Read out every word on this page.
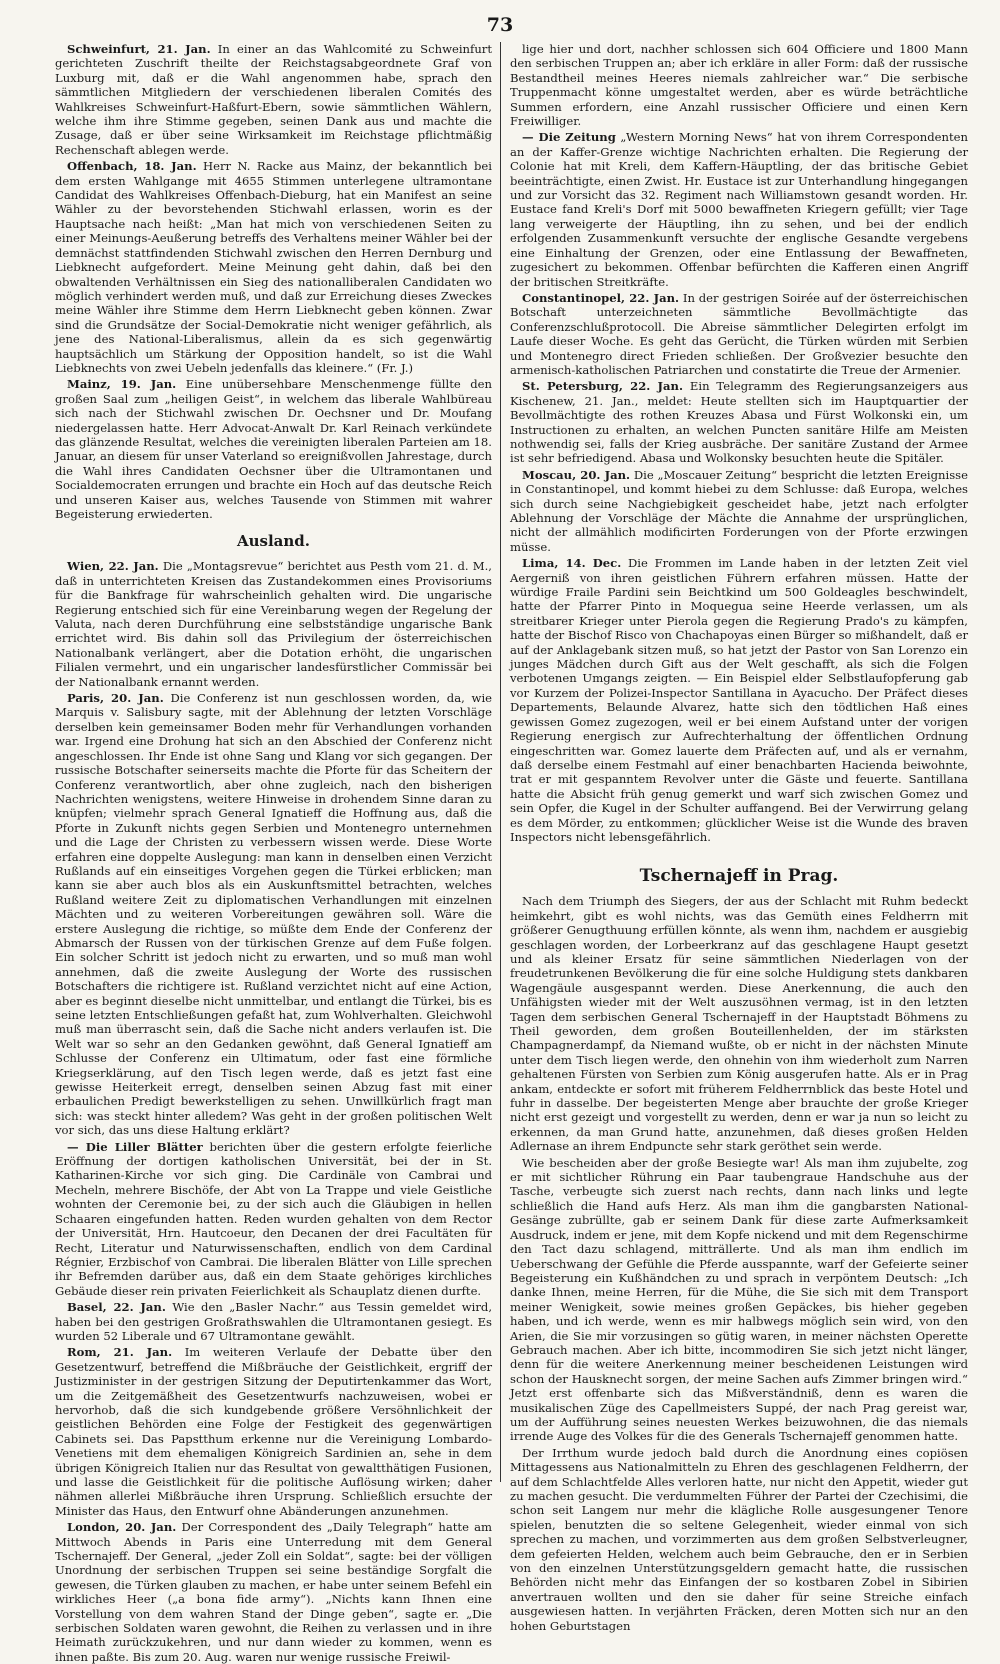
73

Schweinfurt, 21. Jan. In einer an das Wahlcomité zu Schweinfurt gerichteten Zuschrift theilte der Reichstagsabgeordnete Graf von Luxburg mit, daß er die Wahl angenommen habe, sprach den sämmtlichen Mitgliedern der verschiedenen liberalen Comités des Wahlkreises Schweinfurt-Haßfurt-Ebern, sowie sämmtlichen Wählern, welche ihm ihre Stimme gegeben, seinen Dank aus und machte die Zusage, daß er über seine Wirksamkeit im Reichstage pflichtmäßig Rechenschaft ablegen werde.

Offenbach, 18. Jan. Herr N. Racke aus Mainz, der bekanntlich bei dem ersten Wahlgange mit 4655 Stimmen unterlegene ultramontane Candidat des Wahlkreises Offenbach-Dieburg, hat ein Manifest an seine Wähler zu der bevorstehenden Stichwahl erlassen, worin es der Hauptsache nach heißt: „Man hat mich von verschiedenen Seiten zu einer Meinungs-Aeußerung betreffs des Verhaltens meiner Wähler bei der demnächst stattfindenden Stichwahl zwischen den Herren Dernburg und Liebknecht aufgefordert. Meine Meinung geht dahin, daß bei den obwaltenden Verhältnissen ein Sieg des nationalliberalen Candidaten wo möglich verhindert werden muß, und daß zur Erreichung dieses Zweckes meine Wähler ihre Stimme dem Herrn Liebknecht geben können. Zwar sind die Grundsätze der Social-Demokratie nicht weniger gefährlich, als jene des National-Liberalismus, allein da es sich gegenwärtig hauptsächlich um Stärkung der Opposition handelt, so ist die Wahl Liebknechts von zwei Uebeln jedenfalls das kleinere.“ (Fr. J.)

Mainz, 19. Jan. Eine unübersehbare Menschenmenge füllte den großen Saal zum „heiligen Geist“, in welchem das liberale Wahlbüreau sich nach der Stichwahl zwischen Dr. Oechsner und Dr. Moufang niedergelassen hatte. Herr Advocat-Anwalt Dr. Karl Reinach verkündete das glänzende Resultat, welches die vereinigten liberalen Parteien am 18. Januar, an diesem für unser Vaterland so ereignißvollen Jahrestage, durch die Wahl ihres Candidaten Oechsner über die Ultramontanen und Socialdemocraten errungen und brachte ein Hoch auf das deutsche Reich und unseren Kaiser aus, welches Tausende von Stimmen mit wahrer Begeisterung erwiederten.

Ausland.

Wien, 22. Jan. Die „Montagsrevue“ berichtet aus Pesth vom 21. d. M., daß in unterrichteten Kreisen das Zustandekommen eines Provisoriums für die Bankfrage für wahrscheinlich gehalten wird. Die ungarische Regierung entschied sich für eine Vereinbarung wegen der Regelung der Valuta, nach deren Durchführung eine selbstständige ungarische Bank errichtet wird. Bis dahin soll das Privilegium der österreichischen Nationalbank verlängert, aber die Dotation erhöht, die ungarischen Filialen vermehrt, und ein ungarischer landesfürstlicher Commissär bei der Nationalbank ernannt werden.

Paris, 20. Jan. Die Conferenz ist nun geschlossen worden, da, wie Marquis v. Salisbury sagte, mit der Ablehnung der letzten Vorschläge derselben kein gemeinsamer Boden mehr für Verhandlungen vorhanden war. Irgend eine Drohung hat sich an den Abschied der Conferenz nicht angeschlossen. Ihr Ende ist ohne Sang und Klang vor sich gegangen. Der russische Botschafter seinerseits machte die Pforte für das Scheitern der Conferenz verantwortlich, aber ohne zugleich, nach den bisherigen Nachrichten wenigstens, weitere Hinweise in drohendem Sinne daran zu knüpfen; vielmehr sprach General Ignatieff die Hoffnung aus, daß die Pforte in Zukunft nichts gegen Serbien und Montenegro unternehmen und die Lage der Christen zu verbessern wissen werde. Diese Worte erfahren eine doppelte Auslegung: man kann in denselben einen Verzicht Rußlands auf ein einseitiges Vorgehen gegen die Türkei erblicken; man kann sie aber auch blos als ein Auskunftsmittel betrachten, welches Rußland weitere Zeit zu diplomatischen Verhandlungen mit einzelnen Mächten und zu weiteren Vorbereitungen gewähren soll. Wäre die erstere Auslegung die richtige, so müßte dem Ende der Conferenz der Abmarsch der Russen von der türkischen Grenze auf dem Fuße folgen. Ein solcher Schritt ist jedoch nicht zu erwarten, und so muß man wohl annehmen, daß die zweite Auslegung der Worte des russischen Botschafters die richtigere ist. Rußland verzichtet nicht auf eine Action, aber es beginnt dieselbe nicht unmittelbar, und entlangt die Türkei, bis es seine letzten Entschließungen gefaßt hat, zum Wohlverhalten. Gleichwohl muß man überrascht sein, daß die Sache nicht anders verlaufen ist. Die Welt war so sehr an den Gedanken gewöhnt, daß General Ignatieff am Schlusse der Conferenz ein Ultimatum, oder fast eine förmliche Kriegserklärung, auf den Tisch legen werde, daß es jetzt fast eine gewisse Heiterkeit erregt, denselben seinen Abzug fast mit einer erbaulichen Predigt bewerkstelligen zu sehen. Unwillkürlich fragt man sich: was steckt hinter alledem? Was geht in der großen politischen Welt vor sich, das uns diese Haltung erklärt?

— Die Liller Blätter berichten über die gestern erfolgte feierliche Eröffnung der dortigen katholischen Universität, bei der in St. Katharinen-Kirche vor sich ging. Die Cardinäle von Cambrai und Mecheln, mehrere Bischöfe, der Abt von La Trappe und viele Geistliche wohnten der Ceremonie bei, zu der sich auch die Gläubigen in hellen Schaaren eingefunden hatten. Reden wurden gehalten von dem Rector der Universität, Hrn. Hautcoeur, den Decanen der drei Facultäten für Recht, Literatur und Naturwissenschaften, endlich von dem Cardinal Régnier, Erzbischof von Cambrai. Die liberalen Blätter von Lille sprechen ihr Befremden darüber aus, daß ein dem Staate gehöriges kirchliches Gebäude dieser rein privaten Feierlichkeit als Schauplatz dienen durfte.

Basel, 22. Jan. Wie den „Basler Nachr.“ aus Tessin gemeldet wird, haben bei den gestrigen Großrathswahlen die Ultramontanen gesiegt. Es wurden 52 Liberale und 67 Ultramontane gewählt.

Rom, 21. Jan. Im weiteren Verlaufe der Debatte über den Gesetzentwurf, betreffend die Mißbräuche der Geistlichkeit, ergriff der Justizminister in der gestrigen Sitzung der Deputirtenkammer das Wort, um die Zeitgemäßheit des Gesetzentwurfs nachzuweisen, wobei er hervorhob, daß die sich kundgebende größere Versöhnlichkeit der geistlichen Behörden eine Folge der Festigkeit des gegenwärtigen Cabinets sei. Das Papstthum erkenne nur die Vereinigung Lombardo-Venetiens mit dem ehemaligen Königreich Sardinien an, sehe in dem übrigen Königreich Italien nur das Resultat von gewaltthätigen Fusionen, und lasse die Geistlichkeit für die politische Auflösung wirken; daher nähmen allerlei Mißbräuche ihren Ursprung. Schließlich ersuchte der Minister das Haus, den Entwurf ohne Abänderungen anzunehmen.

London, 20. Jan. Der Correspondent des „Daily Telegraph“ hatte am Mittwoch Abends in Paris eine Unterredung mit dem General Tschernajeff. Der General, „jeder Zoll ein Soldat“, sagte: bei der völligen Unordnung der serbischen Truppen sei seine beständige Sorgfalt die gewesen, die Türken glauben zu machen, er habe unter seinem Befehl ein wirkliches Heer („a bona fide army“). „Nichts kann Ihnen eine Vorstellung von dem wahren Stand der Dinge geben“, sagte er. „Die serbischen Soldaten waren gewohnt, die Reihen zu verlassen und in ihre Heimath zurückzukehren, und nur dann wieder zu kommen, wenn es ihnen paßte. Bis zum 20. Aug. waren nur wenige russische Freiwil-

lige hier und dort, nachher schlossen sich 604 Officiere und 1800 Mann den serbischen Truppen an; aber ich erkläre in aller Form: daß der russische Bestandtheil meines Heeres niemals zahlreicher war.“ Die serbische Truppenmacht könne umgestaltet werden, aber es würde beträchtliche Summen erfordern, eine Anzahl russischer Officiere und einen Kern Freiwilliger.

— Die Zeitung „Western Morning News“ hat von ihrem Correspondenten an der Kaffer-Grenze wichtige Nachrichten erhalten. Die Regierung der Colonie hat mit Kreli, dem Kaffern-Häuptling, der das britische Gebiet beeinträchtigte, einen Zwist. Hr. Eustace ist zur Unterhandlung hingegangen und zur Vorsicht das 32. Regiment nach Williamstown gesandt worden. Hr. Eustace fand Kreli's Dorf mit 5000 bewaffneten Kriegern gefüllt; vier Tage lang verweigerte der Häuptling, ihn zu sehen, und bei der endlich erfolgenden Zusammenkunft versuchte der englische Gesandte vergebens eine Einhaltung der Grenzen, oder eine Entlassung der Bewaffneten, zugesichert zu bekommen. Offenbar befürchten die Kafferen einen Angriff der britischen Streitkräfte.

Constantinopel, 22. Jan. In der gestrigen Soirée auf der österreichischen Botschaft unterzeichneten sämmtliche Bevollmächtigte das Conferenzschlußprotocoll. Die Abreise sämmtlicher Delegirten erfolgt im Laufe dieser Woche. Es geht das Gerücht, die Türken würden mit Serbien und Montenegro direct Frieden schließen. Der Großvezier besuchte den armenisch-katholischen Patriarchen und constatirte die Treue der Armenier.

St. Petersburg, 22. Jan. Ein Telegramm des Regierungsanzeigers aus Kischenew, 21. Jan., meldet: Heute stellten sich im Hauptquartier der Bevollmächtigte des rothen Kreuzes Abasa und Fürst Wolkonski ein, um Instructionen zu erhalten, an welchen Puncten sanitäre Hilfe am Meisten nothwendig sei, falls der Krieg ausbräche. Der sanitäre Zustand der Armee ist sehr befriedigend. Abasa und Wolkonsky besuchten heute die Spitäler.

Moscau, 20. Jan. Die „Moscauer Zeitung“ bespricht die letzten Ereignisse in Constantinopel, und kommt hiebei zu dem Schlusse: daß Europa, welches sich durch seine Nachgiebigkeit gescheidet habe, jetzt nach erfolgter Ablehnung der Vorschläge der Mächte die Annahme der ursprünglichen, nicht der allmählich modificirten Forderungen von der Pforte erzwingen müsse.

Lima, 14. Dec. Die Frommen im Lande haben in der letzten Zeit viel Aergerniß von ihren geistlichen Führern erfahren müssen. Hatte der würdige Fraile Pardini sein Beichtkind um 500 Goldeagles beschwindelt, hatte der Pfarrer Pinto in Moquegua seine Heerde verlassen, um als streitbarer Krieger unter Pierola gegen die Regierung Prado's zu kämpfen, hatte der Bischof Risco von Chachapoyas einen Bürger so mißhandelt, daß er auf der Anklagebank sitzen muß, so hat jetzt der Pastor von San Lorenzo ein junges Mädchen durch Gift aus der Welt geschafft, als sich die Folgen verbotenen Umgangs zeigten. — Ein Beispiel elder Selbstlaufopferung gab vor Kurzem der Polizei-Inspector Santillana in Ayacucho. Der Präfect dieses Departements, Belaunde Alvarez, hatte sich den tödtlichen Haß eines gewissen Gomez zugezogen, weil er bei einem Aufstand unter der vorigen Regierung energisch zur Aufrechterhaltung der öffentlichen Ordnung eingeschritten war. Gomez lauerte dem Präfecten auf, und als er vernahm, daß derselbe einem Festmahl auf einer benachbarten Hacienda beiwohnte, trat er mit gespanntem Revolver unter die Gäste und feuerte. Santillana hatte die Absicht früh genug gemerkt und warf sich zwischen Gomez und sein Opfer, die Kugel in der Schulter auffangend. Bei der Verwirrung gelang es dem Mörder, zu entkommen; glücklicher Weise ist die Wunde des braven Inspectors nicht lebensgefährlich.

Tschernajeff in Prag.

Nach dem Triumph des Siegers, der aus der Schlacht mit Ruhm bedeckt heimkehrt, gibt es wohl nichts, was das Gemüth eines Feldherrn mit größerer Genugthuung erfüllen könnte, als wenn ihm, nachdem er ausgiebig geschlagen worden, der Lorbeerkranz auf das geschlagene Haupt gesetzt und als kleiner Ersatz für seine sämmtlichen Niederlagen von der freudetrunkenen Bevölkerung die für eine solche Huldigung stets dankbaren Wagengäule ausgespannt werden. Diese Anerkennung, die auch den Unfähigsten wieder mit der Welt auszusöhnen vermag, ist in den letzten Tagen dem serbischen General Tschernajeff in der Hauptstadt Böhmens zu Theil geworden, dem großen Bouteillenhelden, der im stärksten Champagnerdampf, da Niemand wußte, ob er nicht in der nächsten Minute unter dem Tisch liegen werde, den ohnehin von ihm wiederholt zum Narren gehaltenen Fürsten von Serbien zum König ausgerufen hatte. Als er in Prag ankam, entdeckte er sofort mit früherem Feldherrnblick das beste Hotel und fuhr in dasselbe. Der begeisterten Menge aber brauchte der große Krieger nicht erst gezeigt und vorgestellt zu werden, denn er war ja nun so leicht zu erkennen, da man Grund hatte, anzunehmen, daß dieses großen Helden Adlernase an ihrem Endpuncte sehr stark geröthet sein werde.

Wie bescheiden aber der große Besiegte war! Als man ihm zujubelte, zog er mit sichtlicher Rührung ein Paar taubengraue Handschuhe aus der Tasche, verbeugte sich zuerst nach rechts, dann nach links und legte schließlich die Hand aufs Herz. Als man ihm die gangbarsten National-Gesänge zubrüllte, gab er seinem Dank für diese zarte Aufmerksamkeit Ausdruck, indem er jene, mit dem Kopfe nickend und mit dem Regenschirme den Tact dazu schlagend, mitträllerte. Und als man ihm endlich im Ueberschwang der Gefühle die Pferde ausspannte, warf der Gefeierte seiner Begeisterung ein Kußhändchen zu und sprach in verpöntem Deutsch: „Ich danke Ihnen, meine Herren, für die Mühe, die Sie sich mit dem Transport meiner Wenigkeit, sowie meines großen Gepäckes, bis hieher gegeben haben, und ich werde, wenn es mir halbwegs möglich sein wird, von den Arien, die Sie mir vorzusingen so gütig waren, in meiner nächsten Operette Gebrauch machen. Aber ich bitte, incommodiren Sie sich jetzt nicht länger, denn für die weitere Anerkennung meiner bescheidenen Leistungen wird schon der Hausknecht sorgen, der meine Sachen aufs Zimmer bringen wird.“ Jetzt erst offenbarte sich das Mißverständniß, denn es waren die musikalischen Züge des Capellmeisters Suppé, der nach Prag gereist war, um der Aufführung seines neuesten Werkes beizuwohnen, die das niemals irrende Auge des Volkes für die des Generals Tschernajeff genommen hatte.

Der Irrthum wurde jedoch bald durch die Anordnung eines copiösen Mittagessens aus Nationalmitteln zu Ehren des geschlagenen Feldherrn, der auf dem Schlachtfelde Alles verloren hatte, nur nicht den Appetit, wieder gut zu machen gesucht. Die verdummelten Führer der Partei der Czechisimi, die schon seit Langem nur mehr die klägliche Rolle ausgesungener Tenore spielen, benutzten die so seltene Gelegenheit, wieder einmal von sich sprechen zu machen, und vorzimmerten aus dem großen Selbstverleugner, dem gefeierten Helden, welchem auch beim Gebrauche, den er in Serbien von den einzelnen Unterstützungsgeldern gemacht hatte, die russischen Behörden nicht mehr das Einfangen der so kostbaren Zobel in Sibirien anvertrauen wollten und den sie daher für seine Streiche einfach ausgewiesen hatten. In verjährten Fräcken, deren Motten sich nur an den hohen Geburtstagen
